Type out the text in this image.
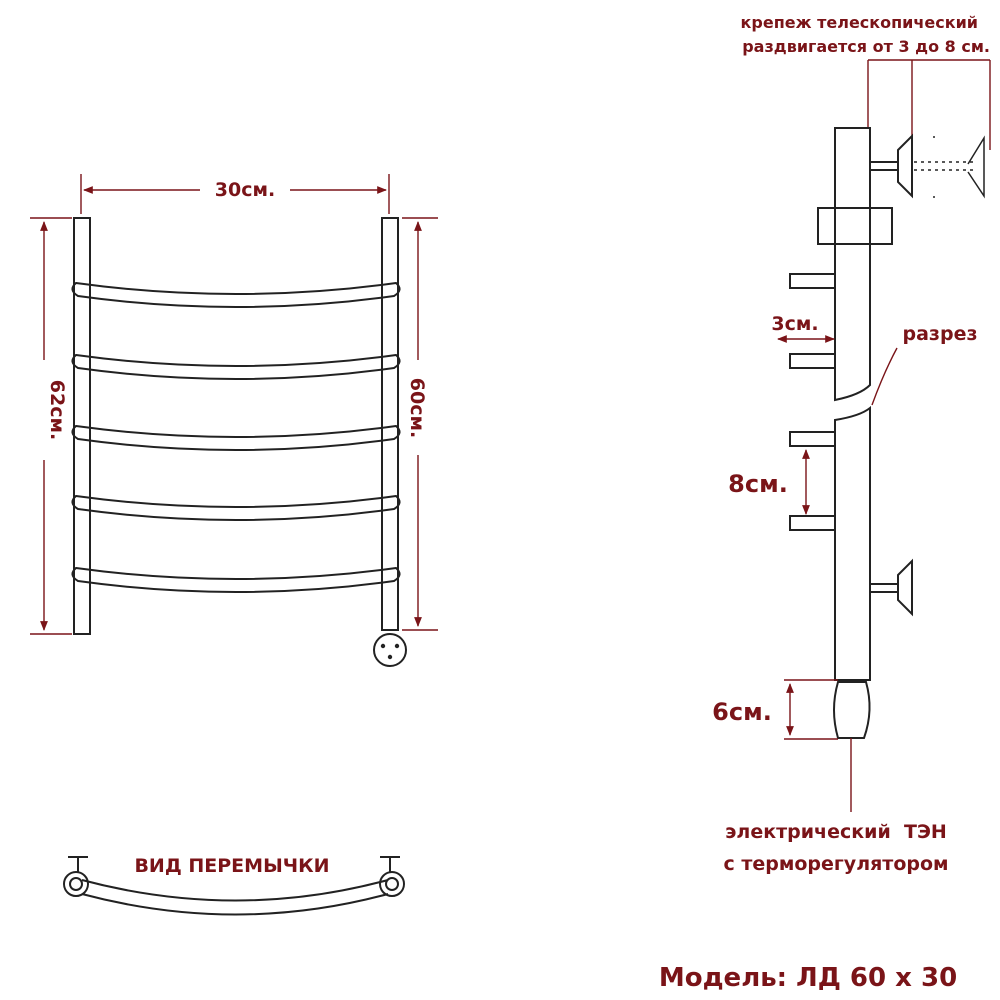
30см.
62см.	60см.
ВИД ПЕРЕМЫЧКИ
крепеж телескопический
раздвигается от 3 до 8 см.
3см.	разрез
8см.
6см.
электрический  ТЭН
с терморегулятором
Модель: ЛД 60 х 30
